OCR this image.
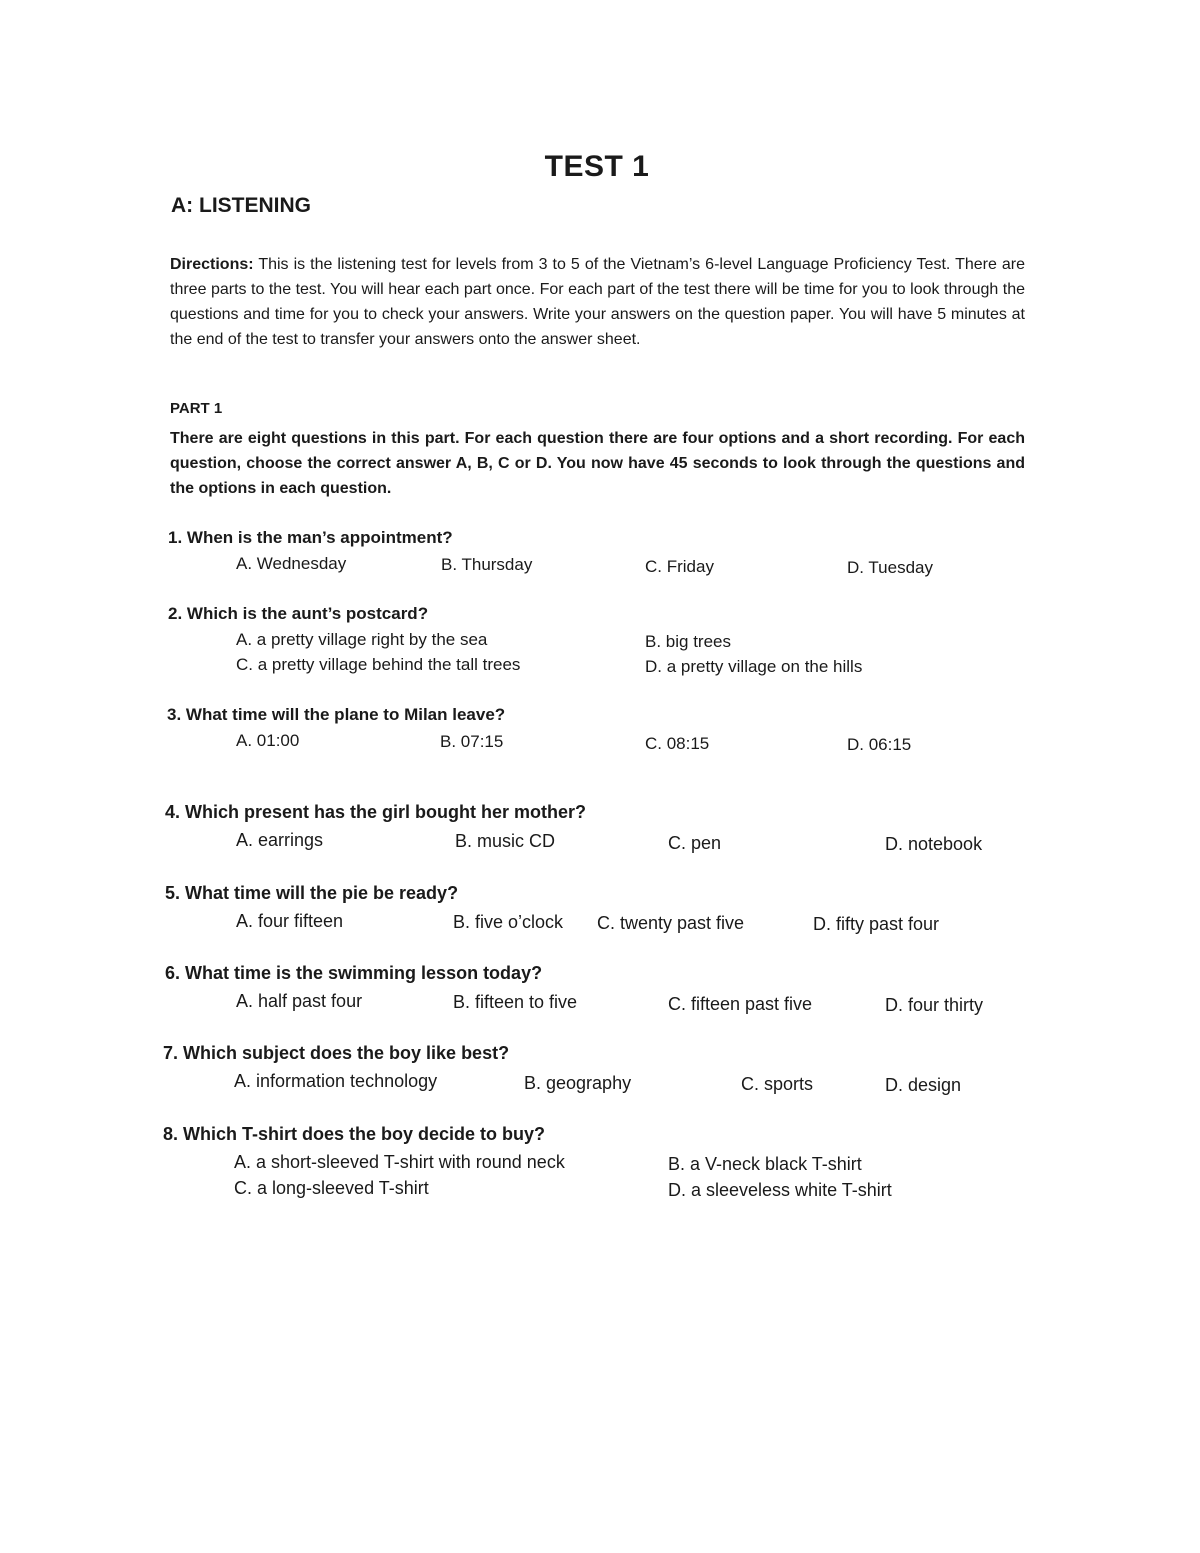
TEST 1
A: LISTENING
Directions: This is the listening test for levels from 3 to 5 of the Vietnam’s 6-level Language Proficiency Test. There are three parts to the test. You will hear each part once. For each part of the test there will be time for you to look through the questions and time for you to check your answers. Write your answers on the question paper. You will have 5 minutes at the end of the test to transfer your answers onto the answer sheet.
PART 1
There are eight questions in this part. For each question there are four options and a short recording. For each question, choose the correct answer A, B, C or D. You now have 45 seconds to look through the questions and the options in each question.
1. When is the man’s appointment?
A. Wednesday	B. Thursday	C. Friday	D. Tuesday
2. Which is the aunt’s postcard?
A. a pretty village right by the sea	B. big trees
C. a pretty village behind the tall trees	D. a pretty village on the hills
3. What time will the plane to Milan leave?
A. 01:00	B. 07:15	C. 08:15	D. 06:15
4. Which present has the girl bought her mother?
A. earrings	B. music CD	C. pen	D. notebook
5. What time will the pie be ready?
A. four fifteen	B. five o’clock C. twenty past five	D. fifty past four
6. What time is the swimming lesson today?
A. half past four	B. fifteen to five	C. fifteen past five	D. four thirty
7. Which subject does the boy like best?
A. information technology	B. geography	C. sports	D. design
8. Which T-shirt does the boy decide to buy?
A. a short-sleeved T-shirt with round neck	B. a V-neck black T-shirt
C. a long-sleeved T-shirt	D. a sleeveless white T-shirt
